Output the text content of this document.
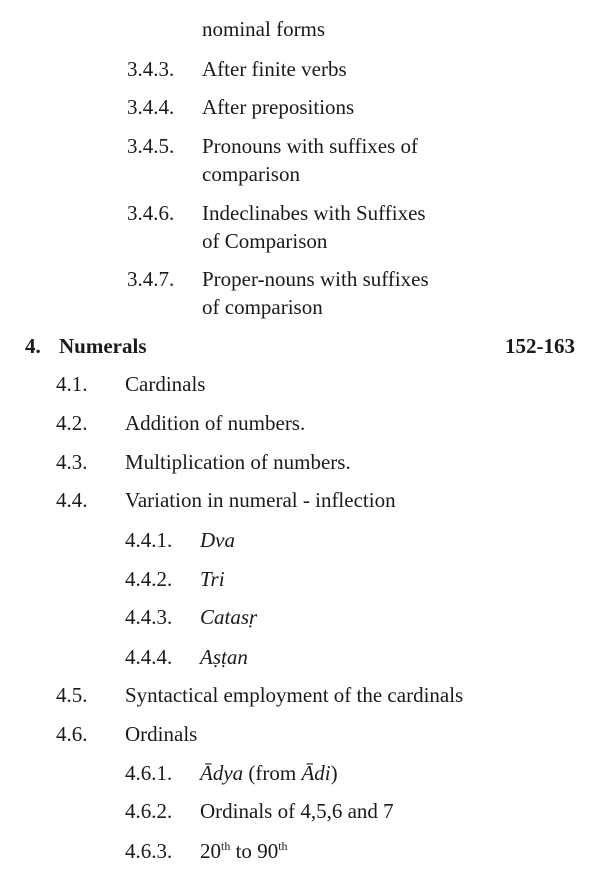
nominal forms
3.4.3. After finite verbs
3.4.4. After prepositions
3.4.5. Pronouns with suffixes of
comparison
3.4.6. Indeclinabes with Suffixes
of Comparison
3.4.7. Proper-nouns with suffixes
of comparison
4. Numerals	152-163
4.1. Cardinals
4.2. Addition of numbers.
4.3. Multiplication of numbers.
4.4. Variation in numeral - inflection
4.4.1. Dva
4.4.2. Tri
4.4.3. Catasṛ
4.4.4. Aṣṭan
4.5. Syntactical employment of the cardinals
4.6. Ordinals
4.6.1. Ādya (from Ādi)
4.6.2. Ordinals of 4,5,6 and 7
4.6.3. 20th to 90th
